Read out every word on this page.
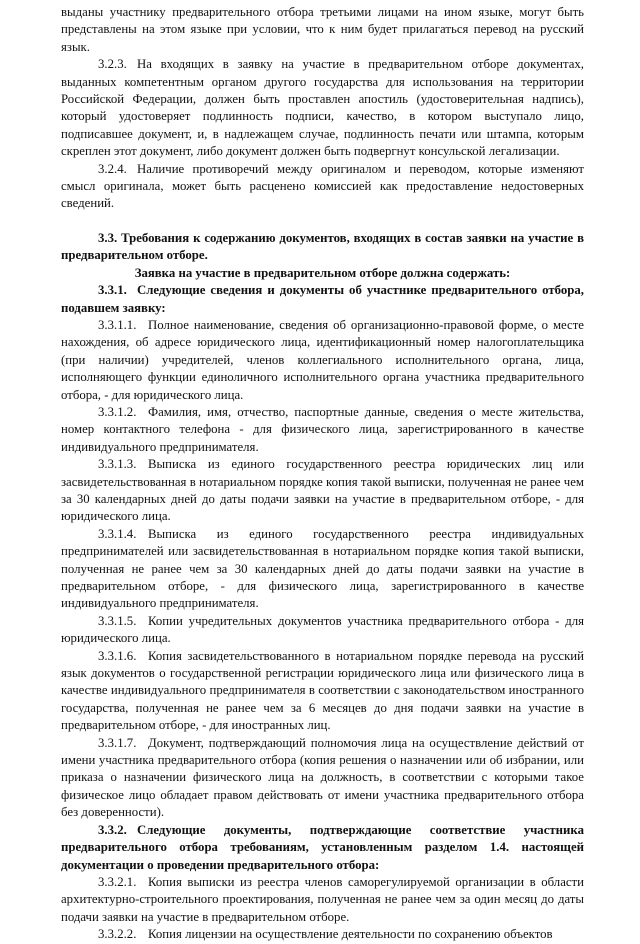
выданы участнику предварительного отбора третьими лицами на ином языке, могут быть представлены на этом языке при условии, что к ним будет прилагаться перевод на русский язык.

3.2.3. На входящих в заявку на участие в предварительном отборе документах, выданных компетентным органом другого государства для использования на территории Российской Федерации, должен быть проставлен апостиль (удостоверительная надпись), который удостоверяет подлинность подписи, качество, в котором выступало лицо, подписавшее документ, и, в надлежащем случае, подлинность печати или штампа, которым скреплен этот документ, либо документ должен быть подвергнут консульской легализации.

3.2.4. Наличие противоречий между оригиналом и переводом, которые изменяют смысл оригинала, может быть расценено комиссией как предоставление недостоверных сведений.

3.3. Требования к содержанию документов, входящих в состав заявки на участие в предварительном отборе.

Заявка на участие в предварительном отборе должна содержать:

3.3.1. Следующие сведения и документы об участнике предварительного отбора, подавшем заявку:

3.3.1.1. Полное наименование, сведения об организационно-правовой форме, о месте нахождения, об адресе юридического лица, идентификационный номер налогоплательщика (при наличии) учредителей, членов коллегиального исполнительного органа, лица, исполняющего функции единоличного исполнительного органа участника предварительного отбора, - для юридического лица.

3.3.1.2. Фамилия, имя, отчество, паспортные данные, сведения о месте жительства, номер контактного телефона - для физического лица, зарегистрированного в качестве индивидуального предпринимателя.

3.3.1.3. Выписка из единого государственного реестра юридических лиц или засвидетельствованная в нотариальном порядке копия такой выписки, полученная не ранее чем за 30 календарных дней до даты подачи заявки на участие в предварительном отборе, - для юридического лица.

3.3.1.4. Выписка из единого государственного реестра индивидуальных предпринимателей или засвидетельствованная в нотариальном порядке копия такой выписки, полученная не ранее чем за 30 календарных дней до даты подачи заявки на участие в предварительном отборе, - для физического лица, зарегистрированного в качестве индивидуального предпринимателя.

3.3.1.5. Копии учредительных документов участника предварительного отбора - для юридического лица.

3.3.1.6. Копия засвидетельствованного в нотариальном порядке перевода на русский язык документов о государственной регистрации юридического лица или физического лица в качестве индивидуального предпринимателя в соответствии с законодательством иностранного государства, полученная не ранее чем за 6 месяцев до дня подачи заявки на участие в предварительном отборе, - для иностранных лиц.

3.3.1.7. Документ, подтверждающий полномочия лица на осуществление действий от имени участника предварительного отбора (копия решения о назначении или об избрании, или приказа о назначении физического лица на должность, в соответствии с которыми такое физическое лицо обладает правом действовать от имени участника предварительного отбора без доверенности).

3.3.2. Следующие документы, подтверждающие соответствие участника предварительного отбора требованиям, установленным разделом 1.4. настоящей документации о проведении предварительного отбора:

3.3.2.1. Копия выписки из реестра членов саморегулируемой организации в области архитектурно-строительного проектирования, полученная не ранее чем за один месяц до даты подачи заявки на участие в предварительном отборе.

3.3.2.2. Копия лицензии на осуществление деятельности по сохранению объектов
